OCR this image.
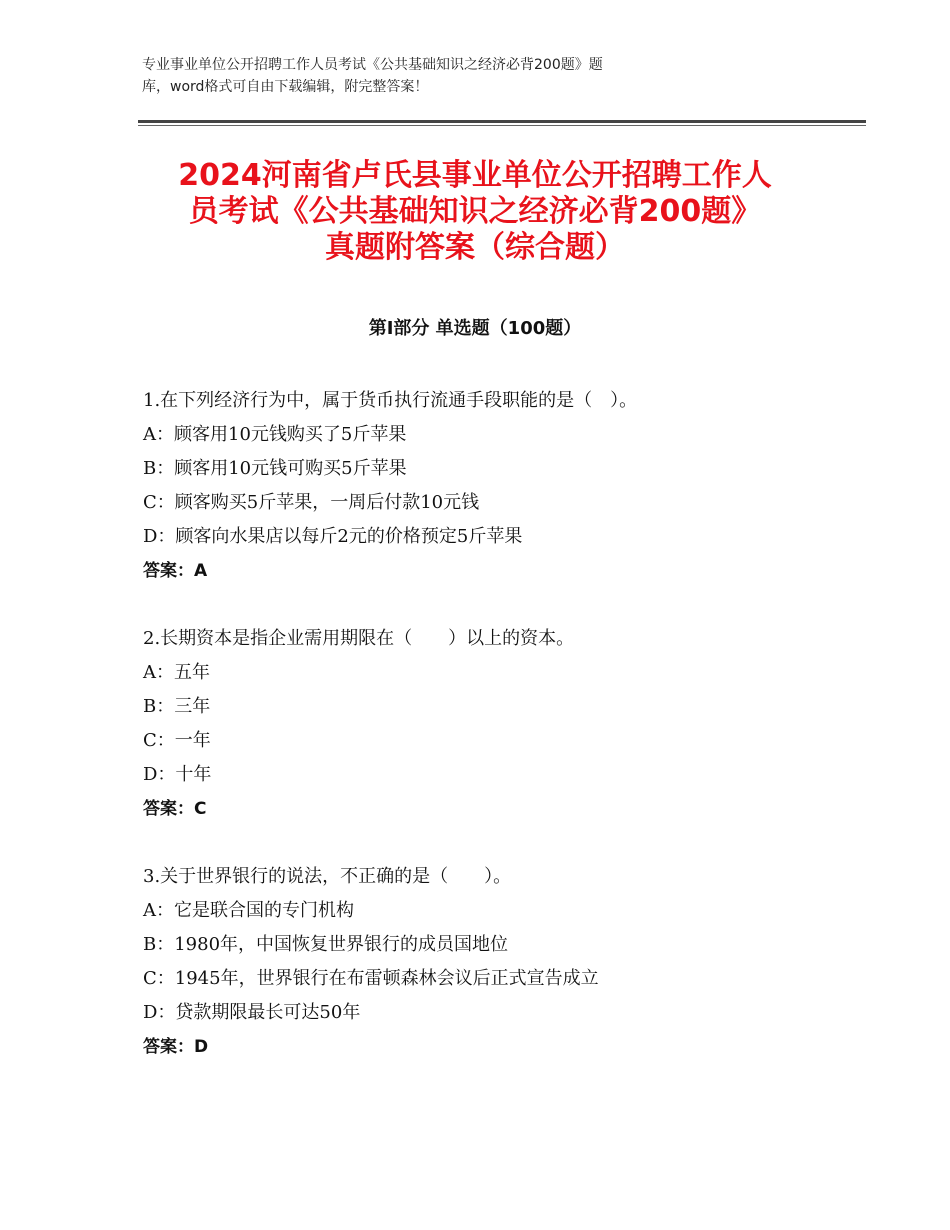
专业事业单位公开招聘工作人员考试《公共基础知识之经济必背200题》题
库，word格式可自由下载编辑，附完整答案！
2024河南省卢氏县事业单位公开招聘工作人
员考试《公共基础知识之经济必背200题》
真题附答案（综合题）
第Ⅰ部分 单选题（100题）
1.在下列经济行为中，属于货币执行流通手段职能的是（　）。
A：顾客用10元钱购买了5斤苹果
B：顾客用10元钱可购买5斤苹果
C：顾客购买5斤苹果，一周后付款10元钱
D：顾客向水果店以每斤2元的价格预定5斤苹果
答案：A
2.长期资本是指企业需用期限在（　　）以上的资本。
A：五年
B：三年
C：一年
D：十年
答案：C
3.关于世界银行的说法，不正确的是（　　）。
A：它是联合国的专门机构
B：1980年，中国恢复世界银行的成员国地位
C：1945年，世界银行在布雷顿森林会议后正式宣告成立
D：贷款期限最长可达50年
答案：D
